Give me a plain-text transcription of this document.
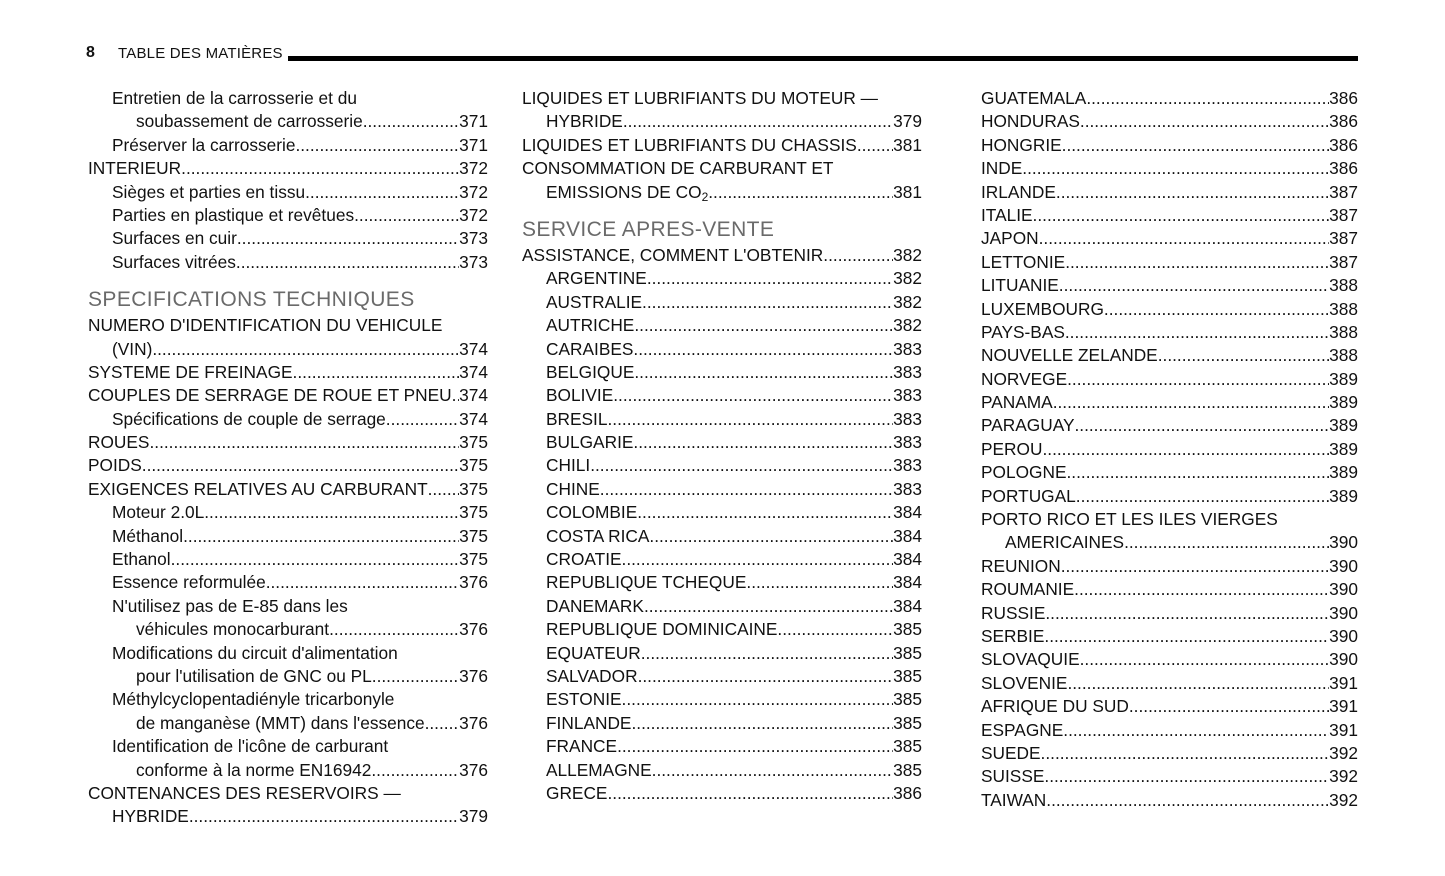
8 TABLE DES MATIÈRES
Entretien de la carrosserie et du
soubassement de carrosserie .....	371
Préserver la carrosserie .....	371
INTERIEUR .....	372
Sièges et parties en tissu .....	372
Parties en plastique et revêtues .....	372
Surfaces en cuir .....	373
Surfaces vitrées .....	373
SPECIFICATIONS TECHNIQUES
NUMERO D'IDENTIFICATION DU VEHICULE
(VIN) .....	374
SYSTEME DE FREINAGE .....	374
COUPLES DE SERRAGE DE ROUE ET PNEU ..... 374
Spécifications de couple de serrage .....	374
ROUES .....	375
POIDS .....	375
EXIGENCES RELATIVES AU CARBURANT ..... 375
Moteur 2.0L .....	375
Méthanol .....	375
Ethanol .....	375
Essence reformulée .....	376
N'utilisez pas de E-85 dans les
véhicules monocarburant .....	376
Modifications du circuit d'alimentation
pour l'utilisation de GNC ou PL .....	376
Méthylcyclopentadiényle tricarbonyle
de manganèse (MMT) dans l'essence ..... 376
Identification de l'icône de carburant
conforme à la norme EN16942 .....	376
CONTENANCES DES RESERVOIRS —
HYBRIDE .....	379
LIQUIDES ET LUBRIFIANTS DU MOTEUR —
HYBRIDE .....	379
LIQUIDES ET LUBRIFIANTS DU CHASSIS ..... 381
CONSOMMATION DE CARBURANT ET
EMISSIONS DE $CO_2$ .....	381
SERVICE APRES-VENTE
ASSISTANCE, COMMENT L'OBTENIR .....	382
ARGENTINE .....	382
AUSTRALIE .....	382
AUTRICHE .....	382
CARAIBES .....	383
BELGIQUE .....	383
BOLIVIE .....	383
BRESIL .....	383
BULGARIE .....	383
CHILI .....	383
CHINE .....	383
COLOMBIE .....	384
COSTA RICA .....	384
CROATIE .....	384
REPUBLIQUE TCHEQUE .....	384
DANEMARK .....	384
REPUBLIQUE DOMINICAINE .....	385
EQUATEUR .....	385
SALVADOR .....	385
ESTONIE .....	385
FINLANDE .....	385
FRANCE .....	385
ALLEMAGNE .....	385
GRECE .....	386
GUATEMALA .....	386
HONDURAS .....	386
HONGRIE .....	386
INDE .....	386
IRLANDE .....	387
ITALIE .....	387
JAPON .....	387
LETTONIE .....	387
LITUANIE .....	388
LUXEMBOURG .....	388
PAYS-BAS .....	388
NOUVELLE ZELANDE .....	388
NORVEGE .....	389
PANAMA .....	389
PARAGUAY .....	389
PEROU .....	389
POLOGNE .....	389
PORTUGAL .....	389
PORTO RICO ET LES ILES VIERGES
AMERICAINES .....	390
REUNION .....	390
ROUMANIE .....	390
RUSSIE .....	390
SERBIE .....	390
SLOVAQUIE .....	390
SLOVENIE .....	391
AFRIQUE DU SUD .....	391
ESPAGNE .....	391
SUEDE .....	392
SUISSE .....	392
TAIWAN .....	392
